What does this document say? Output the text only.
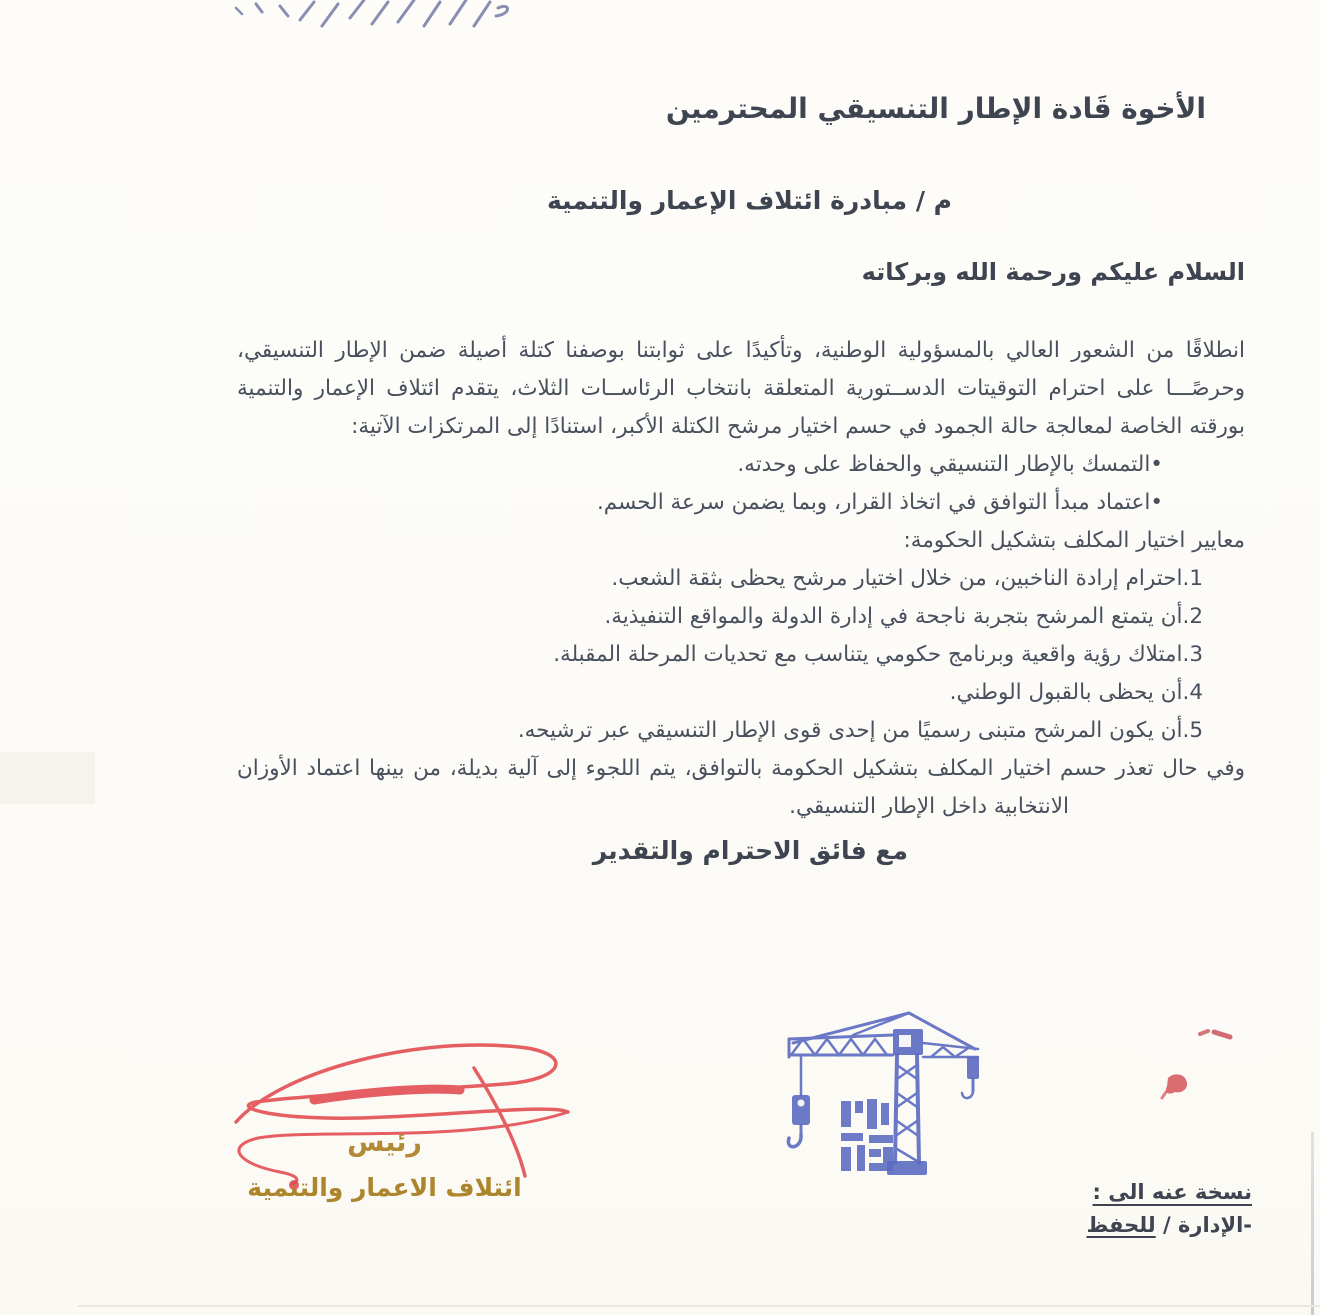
الأخوة قَادة الإطار التنسيقي المحترمين
م / مبادرة ائتلاف الإعمار والتنمية
السلام عليكم ورحمة الله وبركاته
انطلاقًا من الشعور العالي بالمسؤولية الوطنية، وتأكيدًا على ثوابتنا بوصفنا كتلة أصيلة ضمن الإطار التنسيقي،
وحرصًـــا على احترام التوقيتات الدســتورية المتعلقة بانتخاب الرئاســات الثلاث، يتقدم ائتلاف الإعمار والتنمية
بورقته الخاصة لمعالجة حالة الجمود في حسم اختيار مرشح الكتلة الأكبر، استنادًا إلى المرتكزات الآتية:
•التمسك بالإطار التنسيقي والحفاظ على وحدته.
•اعتماد مبدأ التوافق في اتخاذ القرار، وبما يضمن سرعة الحسم.
معايير اختيار المكلف بتشكيل الحكومة:
1.احترام إرادة الناخبين، من خلال اختيار مرشح يحظى بثقة الشعب.
2.أن يتمتع المرشح بتجربة ناجحة في إدارة الدولة والمواقع التنفيذية.
3.امتلاك رؤية واقعية وبرنامج حكومي يتناسب مع تحديات المرحلة المقبلة.
4.أن يحظى بالقبول الوطني.
5.أن يكون المرشح متبنى رسميًا من إحدى قوى الإطار التنسيقي عبر ترشيحه.
وفي حال تعذر حسم اختيار المكلف بتشكيل الحكومة بالتوافق، يتم اللجوء إلى آلية بديلة، من بينها اعتماد الأوزان
الانتخابية داخل الإطار التنسيقي.
مع فائق الاحترام والتقدير
رئيس
ائتلاف الاعمار والتنمية	نسخة عنه الى :
-الإدارة / للحفظ
